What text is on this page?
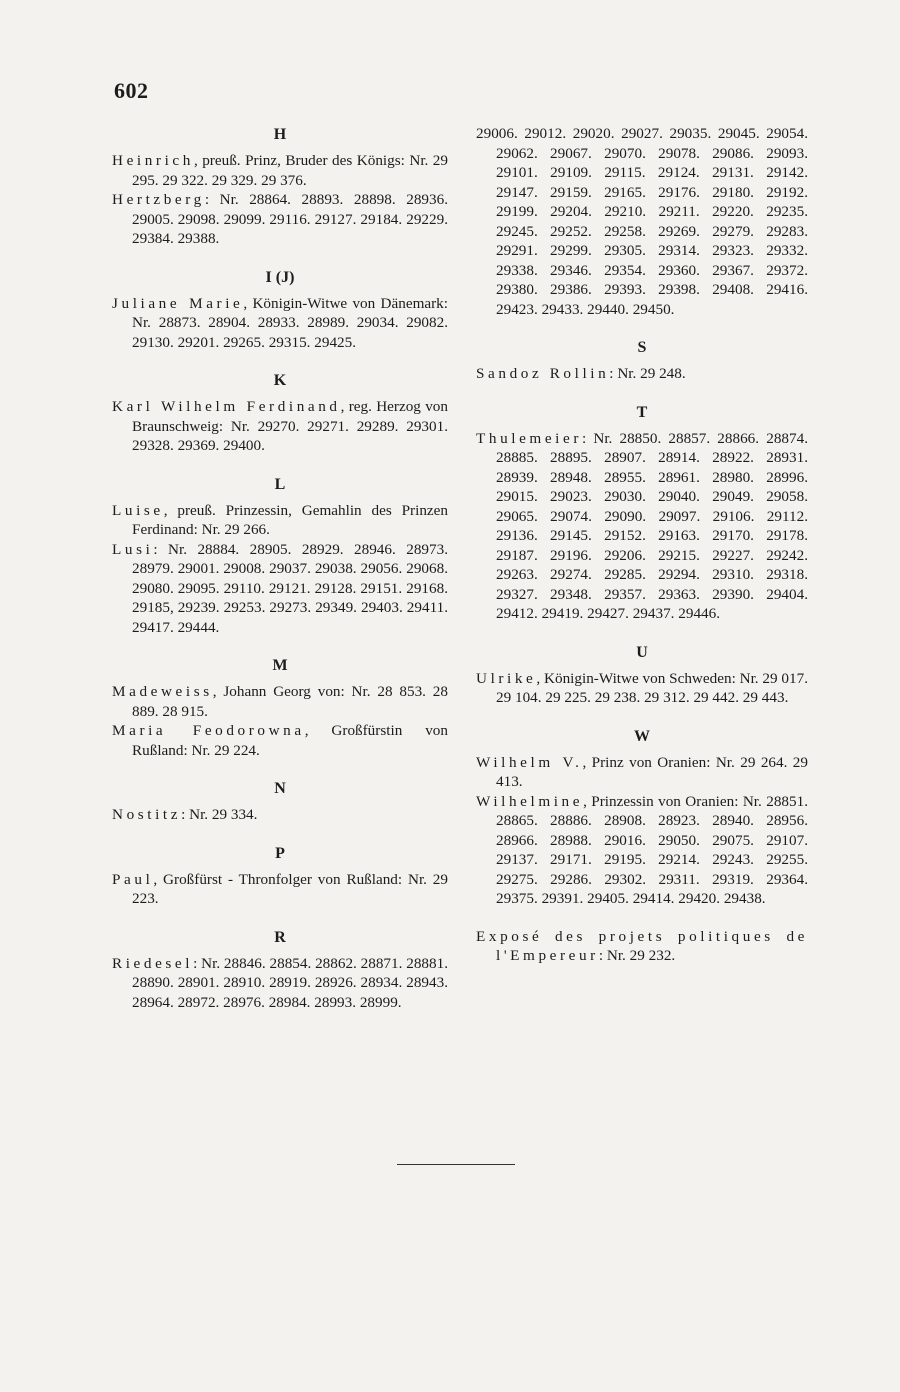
602
H

Heinrich, preuß. Prinz, Bruder des Königs: Nr. 29 295. 29 322. 29 329. 29 376.

Hertzberg: Nr. 28864. 28893. 28898. 28936. 29005. 29098. 29099. 29116. 29127. 29184. 29229. 29384. 29388.

I (J)

Juliane Marie, Königin-Witwe von Dänemark: Nr. 28873. 28904. 28933. 28989. 29034. 29082. 29130. 29201. 29265. 29315. 29425.

K

Karl Wilhelm Ferdinand, reg. Herzog von Braunschweig: Nr. 29270. 29271. 29289. 29301. 29328. 29369. 29400.

L

Luise, preuß. Prinzessin, Gemahlin des Prinzen Ferdinand: Nr. 29 266.

Lusi: Nr. 28884. 28905. 28929. 28946. 28973. 28979. 29001. 29008. 29037. 29038. 29056. 29068. 29080. 29095. 29110. 29121. 29128. 29151. 29168. 29185, 29239. 29253. 29273. 29349. 29403. 29411. 29417. 29444.

M

Madeweiss, Johann Georg von: Nr. 28 853. 28 889. 28 915.

Maria Feodorowna, Großfürstin von Rußland: Nr. 29 224.

N

Nostitz: Nr. 29 334.

P

Paul, Großfürst - Thronfolger von Rußland: Nr. 29 223.

R

Riedesel: Nr. 28846. 28854. 28862. 28871. 28881. 28890. 28901. 28910. 28919. 28926. 28934. 28943. 28964. 28972. 28976. 28984. 28993. 28999.

29006. 29012. 29020. 29027. 29035. 29045. 29054. 29062. 29067. 29070. 29078. 29086. 29093. 29101. 29109. 29115. 29124. 29131. 29142. 29147. 29159. 29165. 29176. 29180. 29192. 29199. 29204. 29210. 29211. 29220. 29235. 29245. 29252. 29258. 29269. 29279. 29283. 29291. 29299. 29305. 29314. 29323. 29332. 29338. 29346. 29354. 29360. 29367. 29372. 29380. 29386. 29393. 29398. 29408. 29416. 29423. 29433. 29440. 29450.

S

Sandoz Rollin: Nr. 29 248.

T

Thulemeier: Nr. 28850. 28857. 28866. 28874. 28885. 28895. 28907. 28914. 28922. 28931. 28939. 28948. 28955. 28961. 28980. 28996. 29015. 29023. 29030. 29040. 29049. 29058. 29065. 29074. 29090. 29097. 29106. 29112. 29136. 29145. 29152. 29163. 29170. 29178. 29187. 29196. 29206. 29215. 29227. 29242. 29263. 29274. 29285. 29294. 29310. 29318. 29327. 29348. 29357. 29363. 29390. 29404. 29412. 29419. 29427. 29437. 29446.

U

Ulrike, Königin-Witwe von Schweden: Nr. 29 017. 29 104. 29 225. 29 238. 29 312. 29 442. 29 443.

W

Wilhelm V., Prinz von Oranien: Nr. 29 264. 29 413.

Wilhelmine, Prinzessin von Oranien: Nr. 28851. 28865. 28886. 28908. 28923. 28940. 28956. 28966. 28988. 29016. 29050. 29075. 29107. 29137. 29171. 29195. 29214. 29243. 29255. 29275. 29286. 29302. 29311. 29319. 29364. 29375. 29391. 29405. 29414. 29420. 29438.

Exposé des projets politiques de l'Empereur: Nr. 29 232.
